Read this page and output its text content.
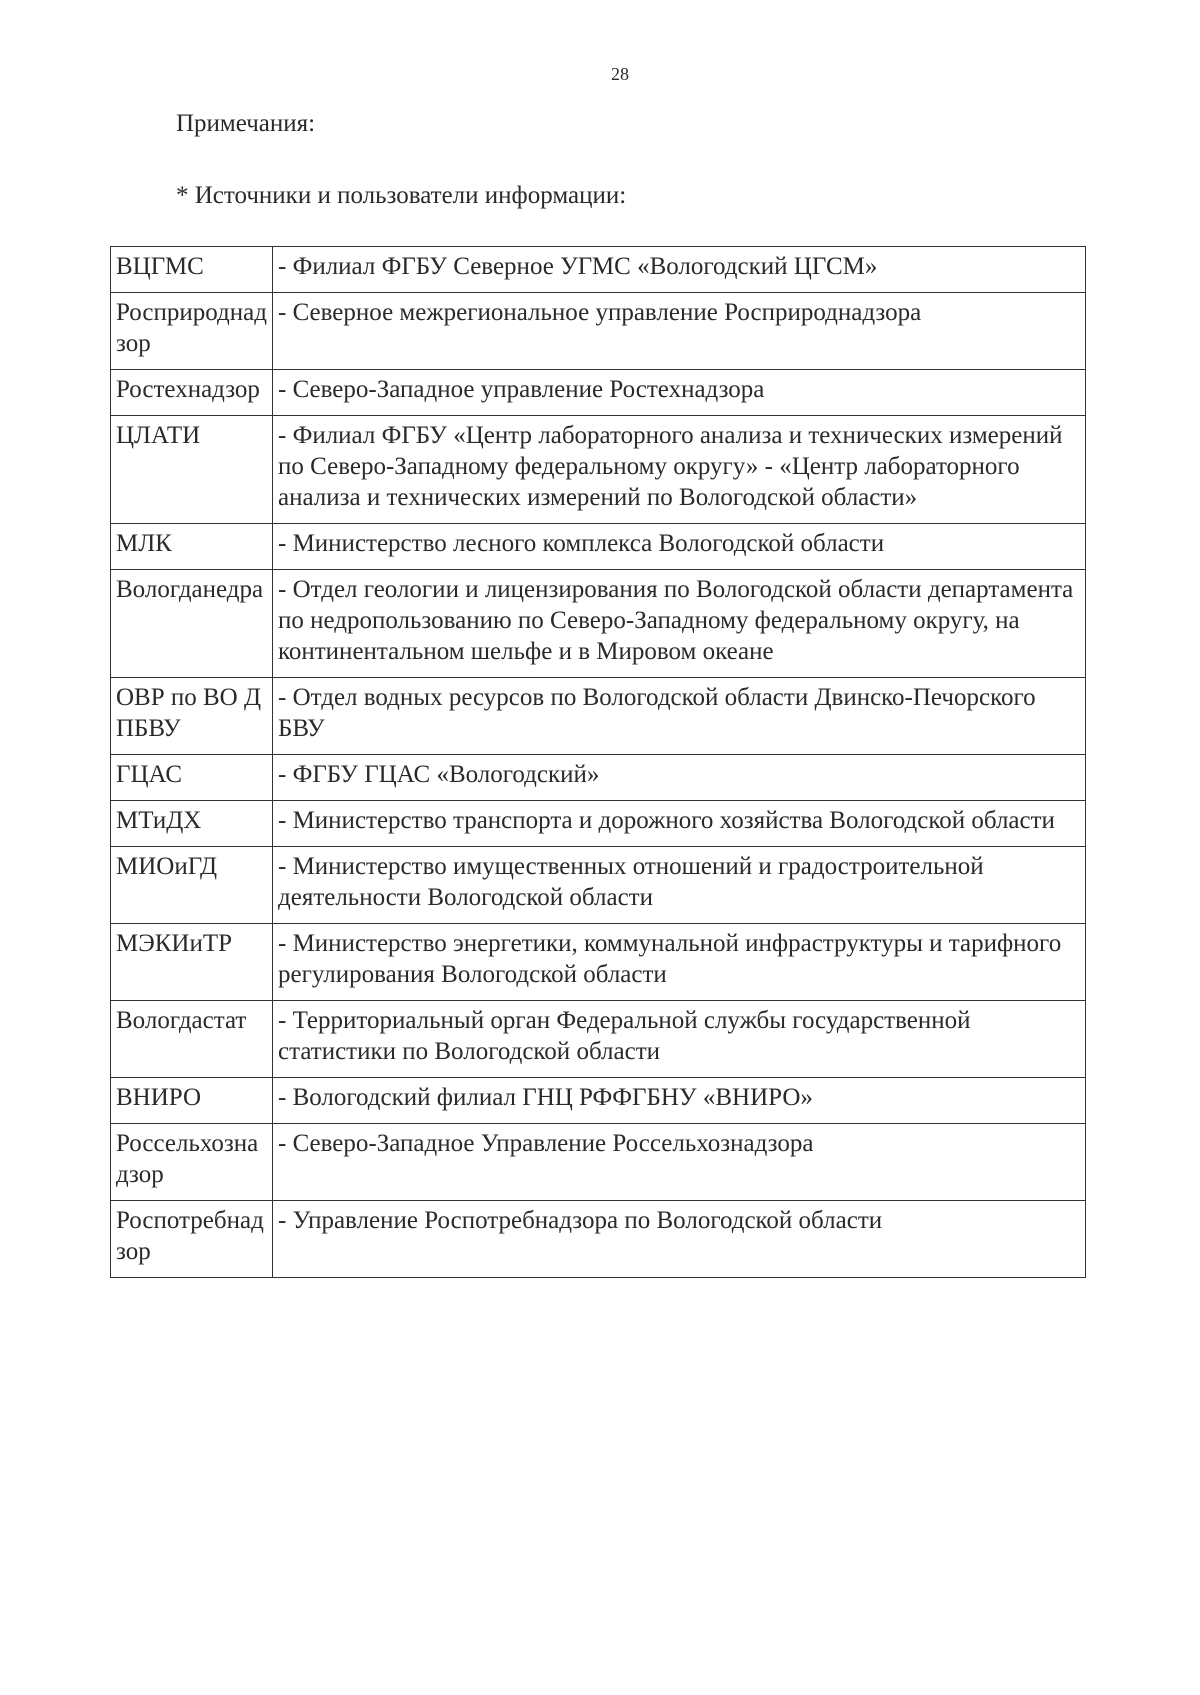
28
Примечания:
* Источники и пользователи информации:
ВЦГМС	- Филиал ФГБУ Северное УГМС «Вологодский ЦГСМ»
Росприроднадзор	- Северное межрегиональное управление Росприроднадзора
Ростехнадзор	- Северо-Западное управление Ростехнадзора
ЦЛАТИ	- Филиал ФГБУ «Центр лабораторного анализа и технических измерений по Северо-Западному федеральному округу» - «Центр лабораторного анализа и технических измерений по Вологодской области»
МЛК	- Министерство лесного комплекса Вологодской области
Вологданедра	- Отдел геологии и лицензирования по Вологодской области департамента по недропользованию по Северо-Западному федеральному округу, на континентальном шельфе и в Мировом океане
ОВР по ВО ДПБВУ	- Отдел водных ресурсов по Вологодской области Двинско-Печорского БВУ
ГЦАС	- ФГБУ ГЦАС «Вологодский»
МТиДХ	- Министерство транспорта и дорожного хозяйства Вологодской области
МИОиГД	- Министерство имущественных отношений и градостроительной деятельности Вологодской области
МЭКИиТР	- Министерство энергетики, коммунальной инфраструктуры и тарифного регулирования Вологодской области
Вологдастат	- Территориальный орган Федеральной службы государственной статистики по Вологодской области
ВНИРО	- Вологодский филиал ГНЦ РФФГБНУ «ВНИРО»
Россельхознадзор	- Северо-Западное Управление Россельхознадзора
Роспотребнадзор	- Управление Роспотребнадзора по Вологодской области
